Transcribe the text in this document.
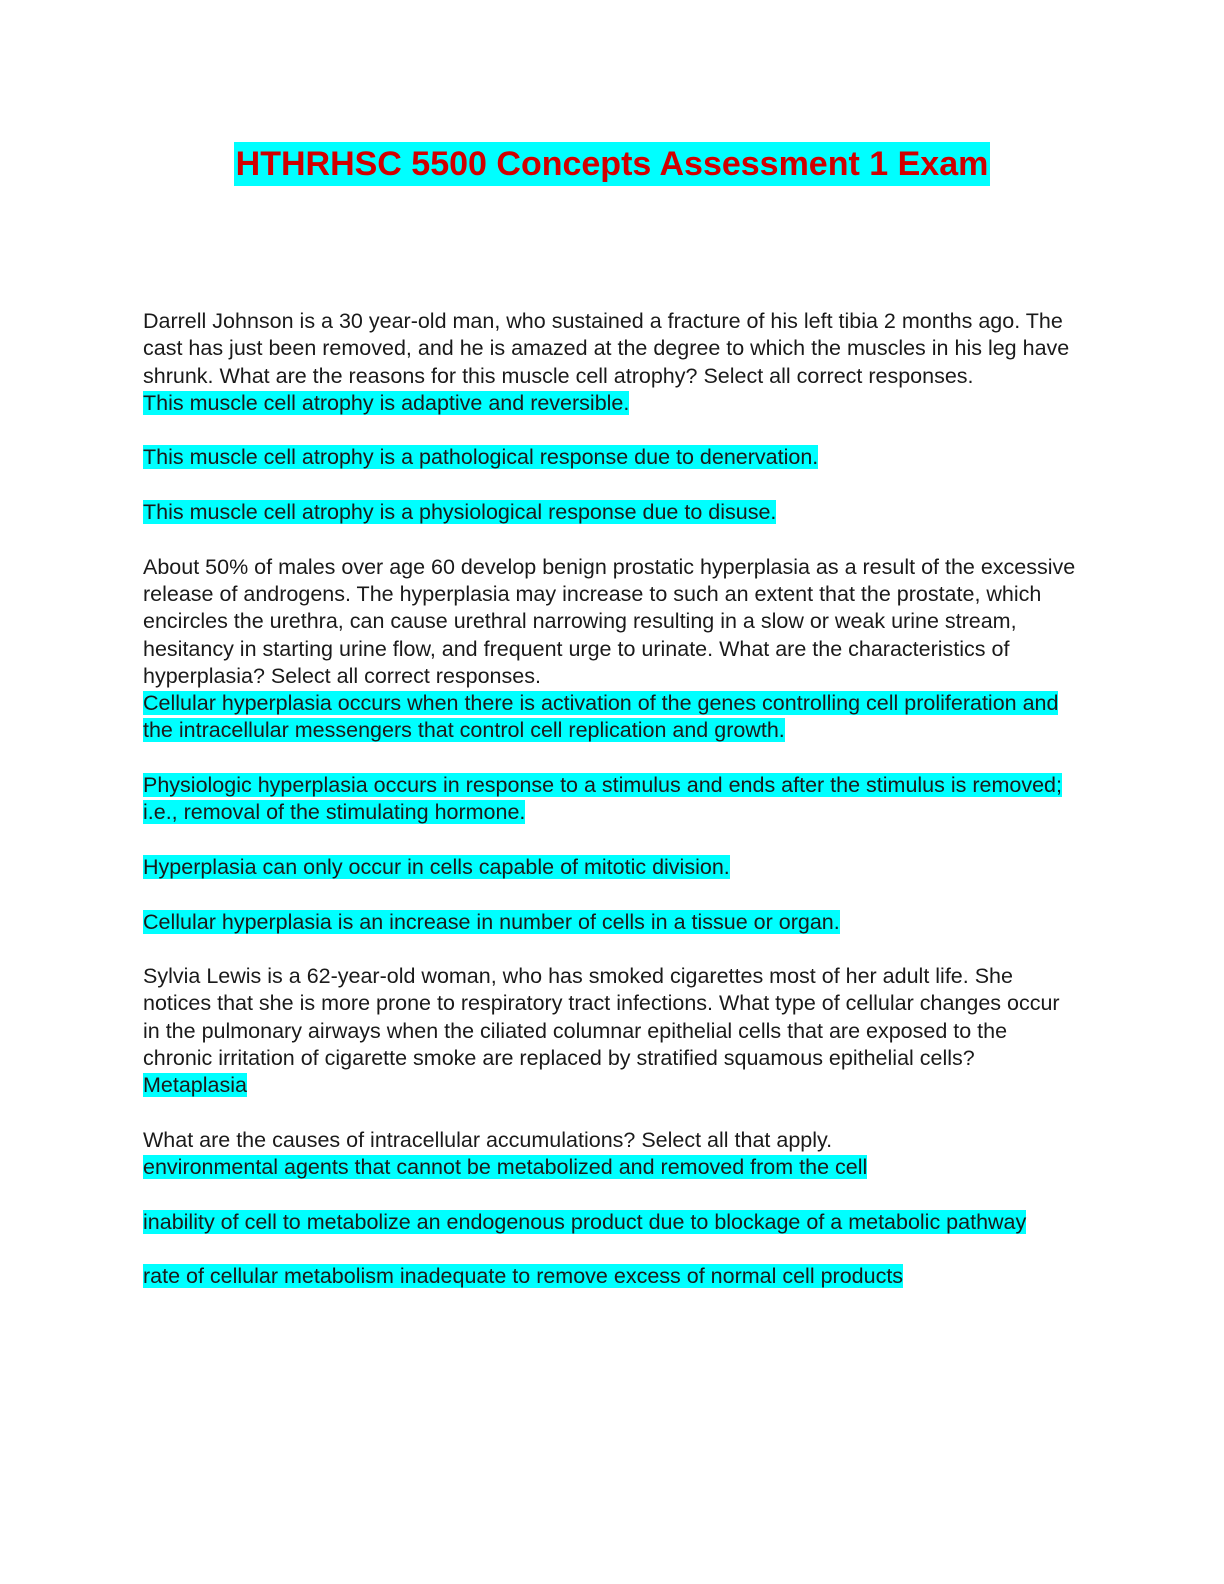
HTHRHSC 5500 Concepts Assessment 1 Exam

Darrell Johnson is a 30 year-old man, who sustained a fracture of his left tibia 2 months ago. The cast has just been removed, and he is amazed at the degree to which the muscles in his leg have shrunk. What are the reasons for this muscle cell atrophy? Select all correct responses.

This muscle cell atrophy is adaptive and reversible.

This muscle cell atrophy is a pathological response due to denervation.

This muscle cell atrophy is a physiological response due to disuse.

About 50% of males over age 60 develop benign prostatic hyperplasia as a result of the excessive release of androgens. The hyperplasia may increase to such an extent that the prostate, which encircles the urethra, can cause urethral narrowing resulting in a slow or weak urine stream, hesitancy in starting urine flow, and frequent urge to urinate. What are the characteristics of hyperplasia? Select all correct responses.

Cellular hyperplasia occurs when there is activation of the genes controlling cell proliferation and the intracellular messengers that control cell replication and growth.

Physiologic hyperplasia occurs in response to a stimulus and ends after the stimulus is removed; i.e., removal of the stimulating hormone.

Hyperplasia can only occur in cells capable of mitotic division.

Cellular hyperplasia is an increase in number of cells in a tissue or organ.

Sylvia Lewis is a 62-year-old woman, who has smoked cigarettes most of her adult life. She notices that she is more prone to respiratory tract infections. What type of cellular changes occur in the pulmonary airways when the ciliated columnar epithelial cells that are exposed to the chronic irritation of cigarette smoke are replaced by stratified squamous epithelial cells?

Metaplasia

What are the causes of intracellular accumulations? Select all that apply.

environmental agents that cannot be metabolized and removed from the cell

inability of cell to metabolize an endogenous product due to blockage of a metabolic pathway

rate of cellular metabolism inadequate to remove excess of normal cell products
